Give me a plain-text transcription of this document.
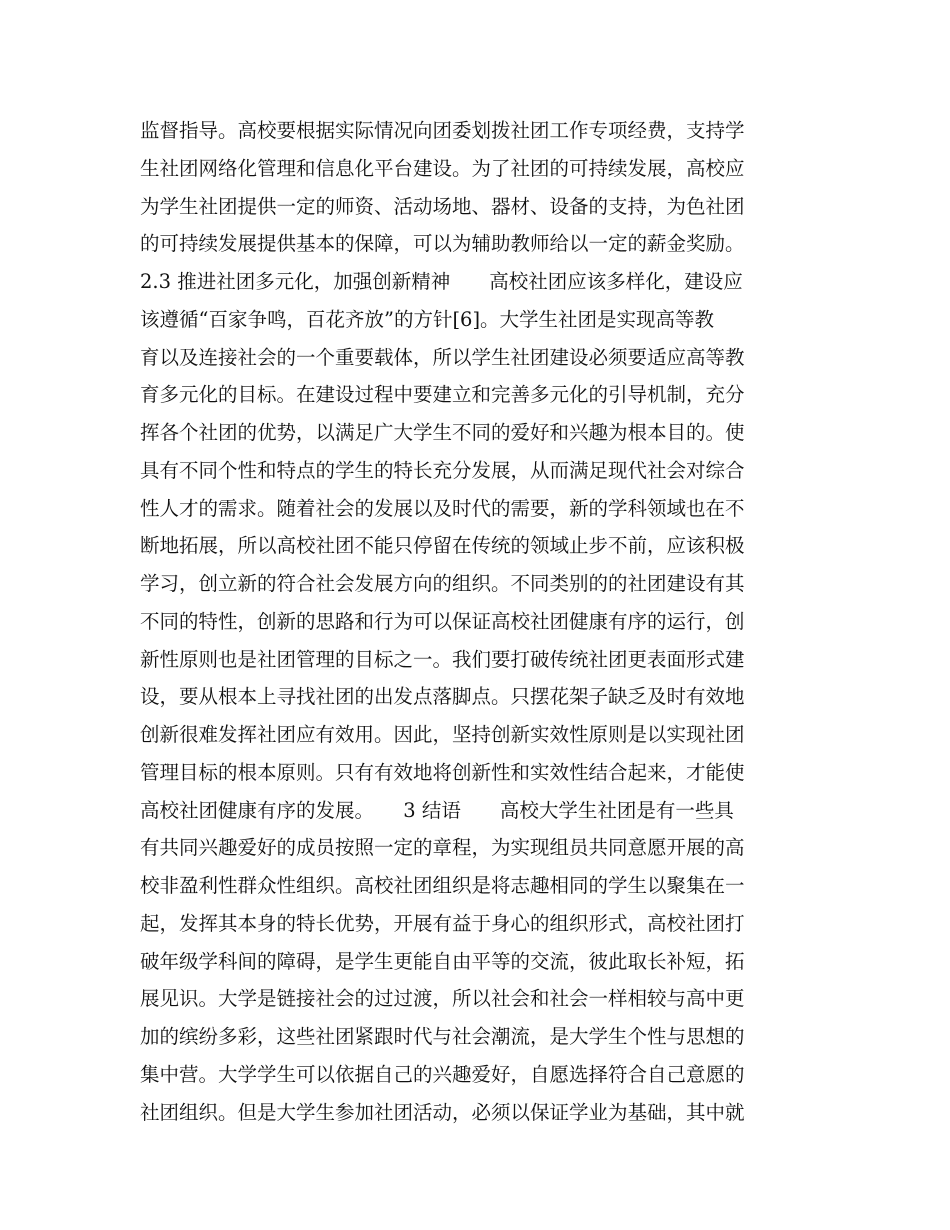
监督指导。高校要根据实际情况向团委划拨社团工作专项经费，支持学
生社团网络化管理和信息化平台建设。为了社团的可持续发展，高校应
为学生社团提供一定的师资、活动场地、器材、设备的支持，为色社团
的可持续发展提供基本的保障，可以为辅助教师给以一定的薪金奖励。
2.3 推进社团多元化，加强创新精神　　高校社团应该多样化，建设应
该遵循“百家争鸣，百花齐放”的方针[6]。大学生社团是实现高等教
育以及连接社会的一个重要载体，所以学生社团建设必须要适应高等教
育多元化的目标。在建设过程中要建立和完善多元化的引导机制，充分
挥各个社团的优势，以满足广大学生不同的爱好和兴趣为根本目的。使
具有不同个性和特点的学生的特长充分发展，从而满足现代社会对综合
性人才的需求。随着社会的发展以及时代的需要，新的学科领域也在不
断地拓展，所以高校社团不能只停留在传统的领域止步不前，应该积极
学习，创立新的符合社会发展方向的组织。不同类别的的社团建设有其
不同的特性，创新的思路和行为可以保证高校社团健康有序的运行，创
新性原则也是社团管理的目标之一。我们要打破传统社团更表面形式建
设，要从根本上寻找社团的出发点落脚点。只摆花架子缺乏及时有效地
创新很难发挥社团应有效用。因此，坚持创新实效性原则是以实现社团
管理目标的根本原则。只有有效地将创新性和实效性结合起来，才能使
高校社团健康有序的发展。　　3 结语　　高校大学生社团是有一些具
有共同兴趣爱好的成员按照一定的章程，为实现组员共同意愿开展的高
校非盈利性群众性组织。高校社团组织是将志趣相同的学生以聚集在一
起，发挥其本身的特长优势，开展有益于身心的组织形式，高校社团打
破年级学科间的障碍，是学生更能自由平等的交流，彼此取长补短，拓
展见识。大学是链接社会的过过渡，所以社会和社会一样相较与高中更
加的缤纷多彩，这些社团紧跟时代与社会潮流，是大学生个性与思想的
集中营。大学学生可以依据自己的兴趣爱好，自愿选择符合自己意愿的
社团组织。但是大学生参加社团活动，必须以保证学业为基础，其中就
